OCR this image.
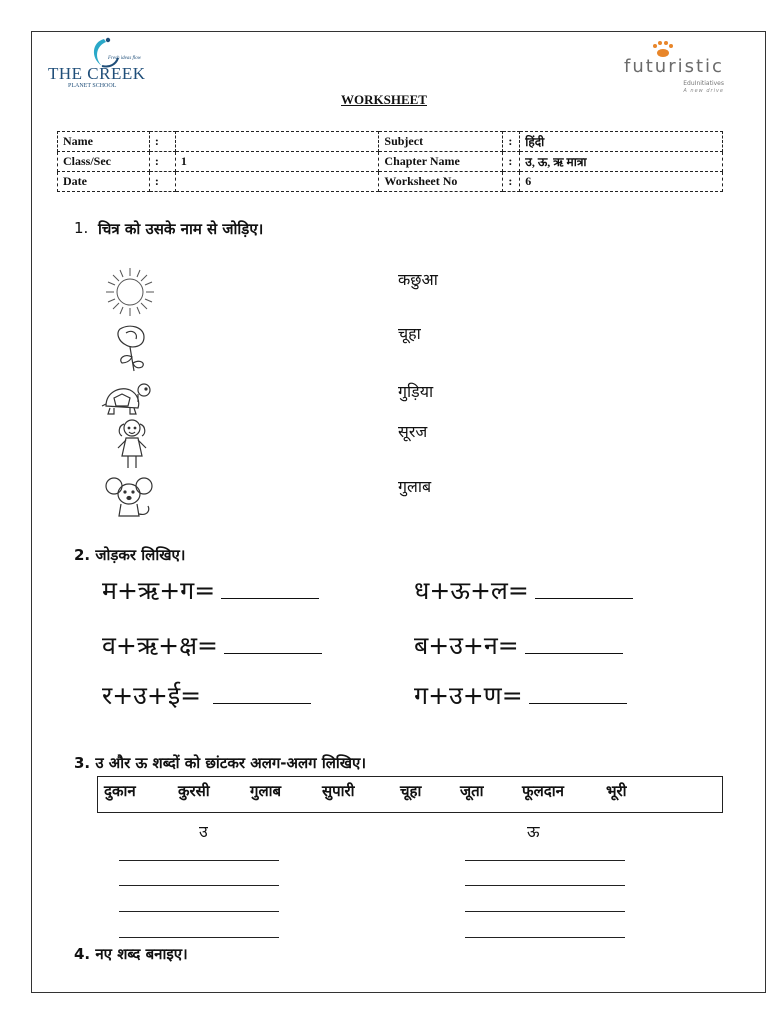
Fresh ideas flow
THE CREEK
PLANET SCHOOL
futuristic
EduInitiatives
A new drive
WORKSHEET
Name	:		Subject	:	हिंदी
Class/Sec	:	1	Chapter Name	:	उ, ऊ, ऋ मात्रा
Date	:		Worksheet No	:	6
1. चित्र को उसके नाम से जोड़िए।
कछुआ
चूहा
गुड़िया
सूरज
गुलाब
2. जोड़कर लिखिए।
म+ऋ+ग=
व+ऋ+क्ष=
र+उ+ई=
ध+ऊ+ल=
ब+उ+न=
ग+उ+ण=
3. उ और ऊ शब्दों को छांटकर अलग-अलग लिखिए।
दुकान	कुरसी	गुलाब	सुपारी	चूहा	जूता	फूलदान	भूरी
उ	ऊ
4. नए शब्द बनाइए।
